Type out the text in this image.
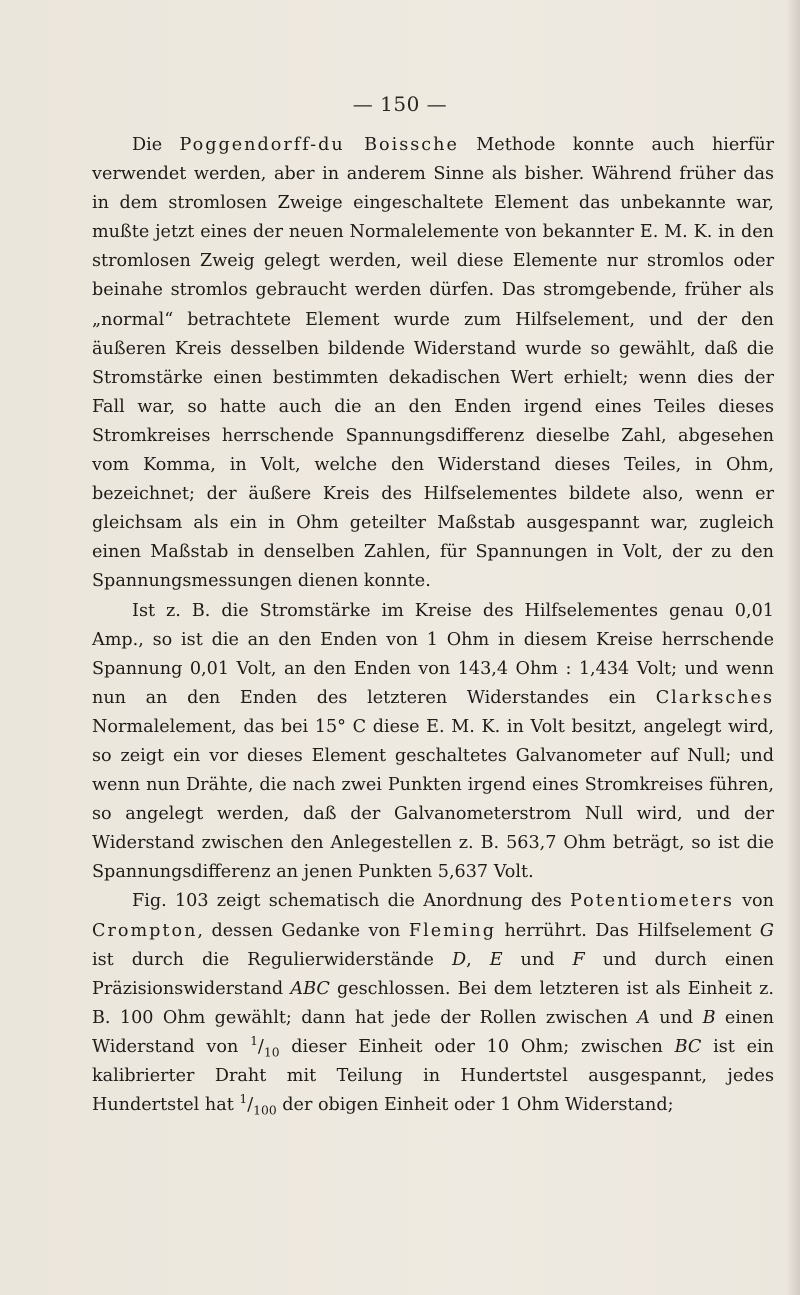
— 150 —

Die Poggendorff-du Boissche Methode konnte auch hierfür verwendet werden, aber in anderem Sinne als bisher. Während früher das in dem stromlosen Zweige eingeschaltete Element das unbekannte war, mußte jetzt eines der neuen Normalelemente von bekannter E. M. K. in den stromlosen Zweig gelegt werden, weil diese Elemente nur stromlos oder beinahe stromlos gebraucht werden dürfen. Das stromgebende, früher als „normal“ betrachtete Element wurde zum Hilfselement, und der den äußeren Kreis desselben bildende Widerstand wurde so gewählt, daß die Stromstärke einen bestimmten dekadischen Wert erhielt; wenn dies der Fall war, so hatte auch die an den Enden irgend eines Teiles dieses Stromkreises herrschende Spannungsdifferenz dieselbe Zahl, abgesehen vom Komma, in Volt, welche den Widerstand dieses Teiles, in Ohm, bezeichnet; der äußere Kreis des Hilfselementes bildete also, wenn er gleichsam als ein in Ohm geteilter Maßstab ausgespannt war, zugleich einen Maßstab in denselben Zahlen, für Spannungen in Volt, der zu den Spannungsmessungen dienen konnte.

Ist z. B. die Stromstärke im Kreise des Hilfselementes genau 0,01 Amp., so ist die an den Enden von 1 Ohm in diesem Kreise herrschende Spannung 0,01 Volt, an den Enden von 143,4 Ohm : 1,434 Volt; und wenn nun an den Enden des letzteren Widerstandes ein Clarksches Normalelement, das bei 15° C diese E. M. K. in Volt besitzt, angelegt wird, so zeigt ein vor dieses Element geschaltetes Galvanometer auf Null; und wenn nun Drähte, die nach zwei Punkten irgend eines Stromkreises führen, so angelegt werden, daß der Galvanometerstrom Null wird, und der Widerstand zwischen den Anlegestellen z. B. 563,7 Ohm beträgt, so ist die Spannungsdifferenz an jenen Punkten 5,637 Volt.

Fig. 103 zeigt schematisch die Anordnung des Potentiometers von Crompton, dessen Gedanke von Fleming herrührt. Das Hilfselement G ist durch die Regulierwiderstände D, E und F und durch einen Präzisionswiderstand ABC geschlossen. Bei dem letzteren ist als Einheit z. B. 100 Ohm gewählt; dann hat jede der Rollen zwischen A und B einen Widerstand von $^1/_{10}$ dieser Einheit oder 10 Ohm; zwischen BC ist ein kalibrierter Draht mit Teilung in Hundertstel ausgespannt, jedes Hundertstel hat $^1/_{100}$ der obigen Einheit oder 1 Ohm Widerstand;
